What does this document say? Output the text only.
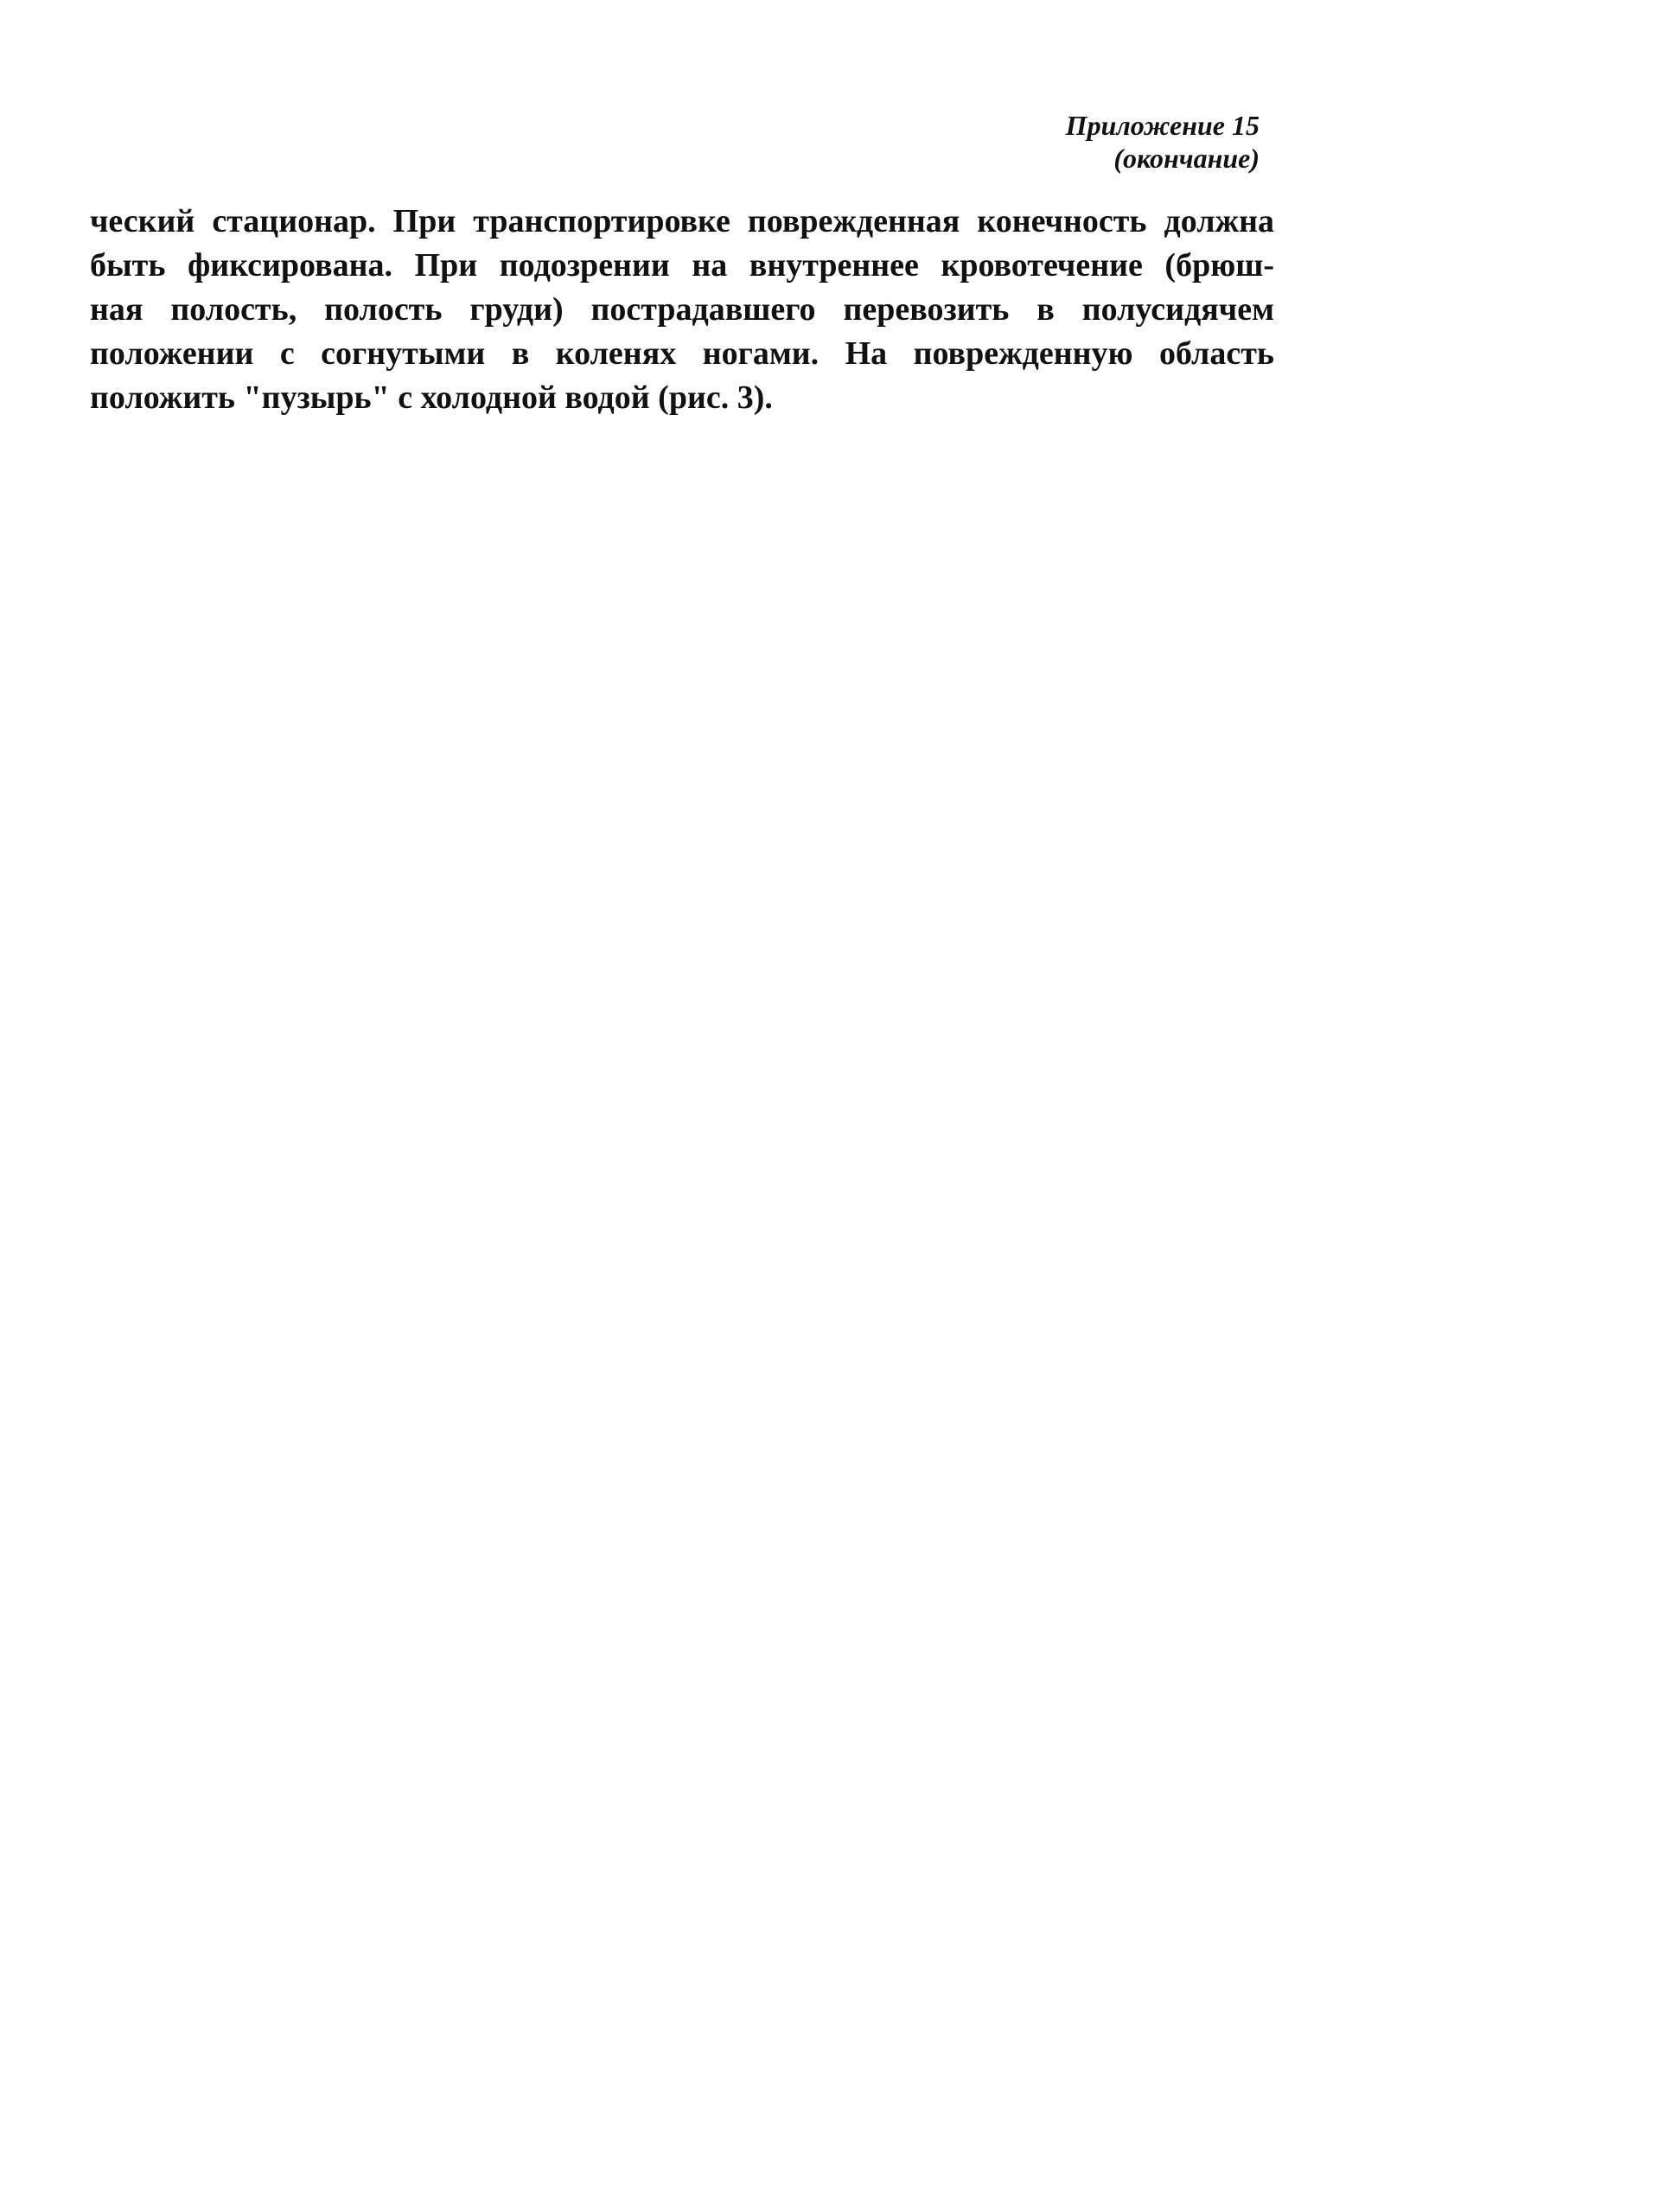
Приложение 15
(окончание)
ческий стационар. При транспортировке поврежденная конечность должна
быть фиксирована. При подозрении на внутреннее кровотечение (брюш-
ная полость, полость груди) пострадавшего перевозить в полусидячем
положении с согнутыми в коленях ногами. На поврежденную область
положить "пузырь" с холодной водой (рис. 3).
